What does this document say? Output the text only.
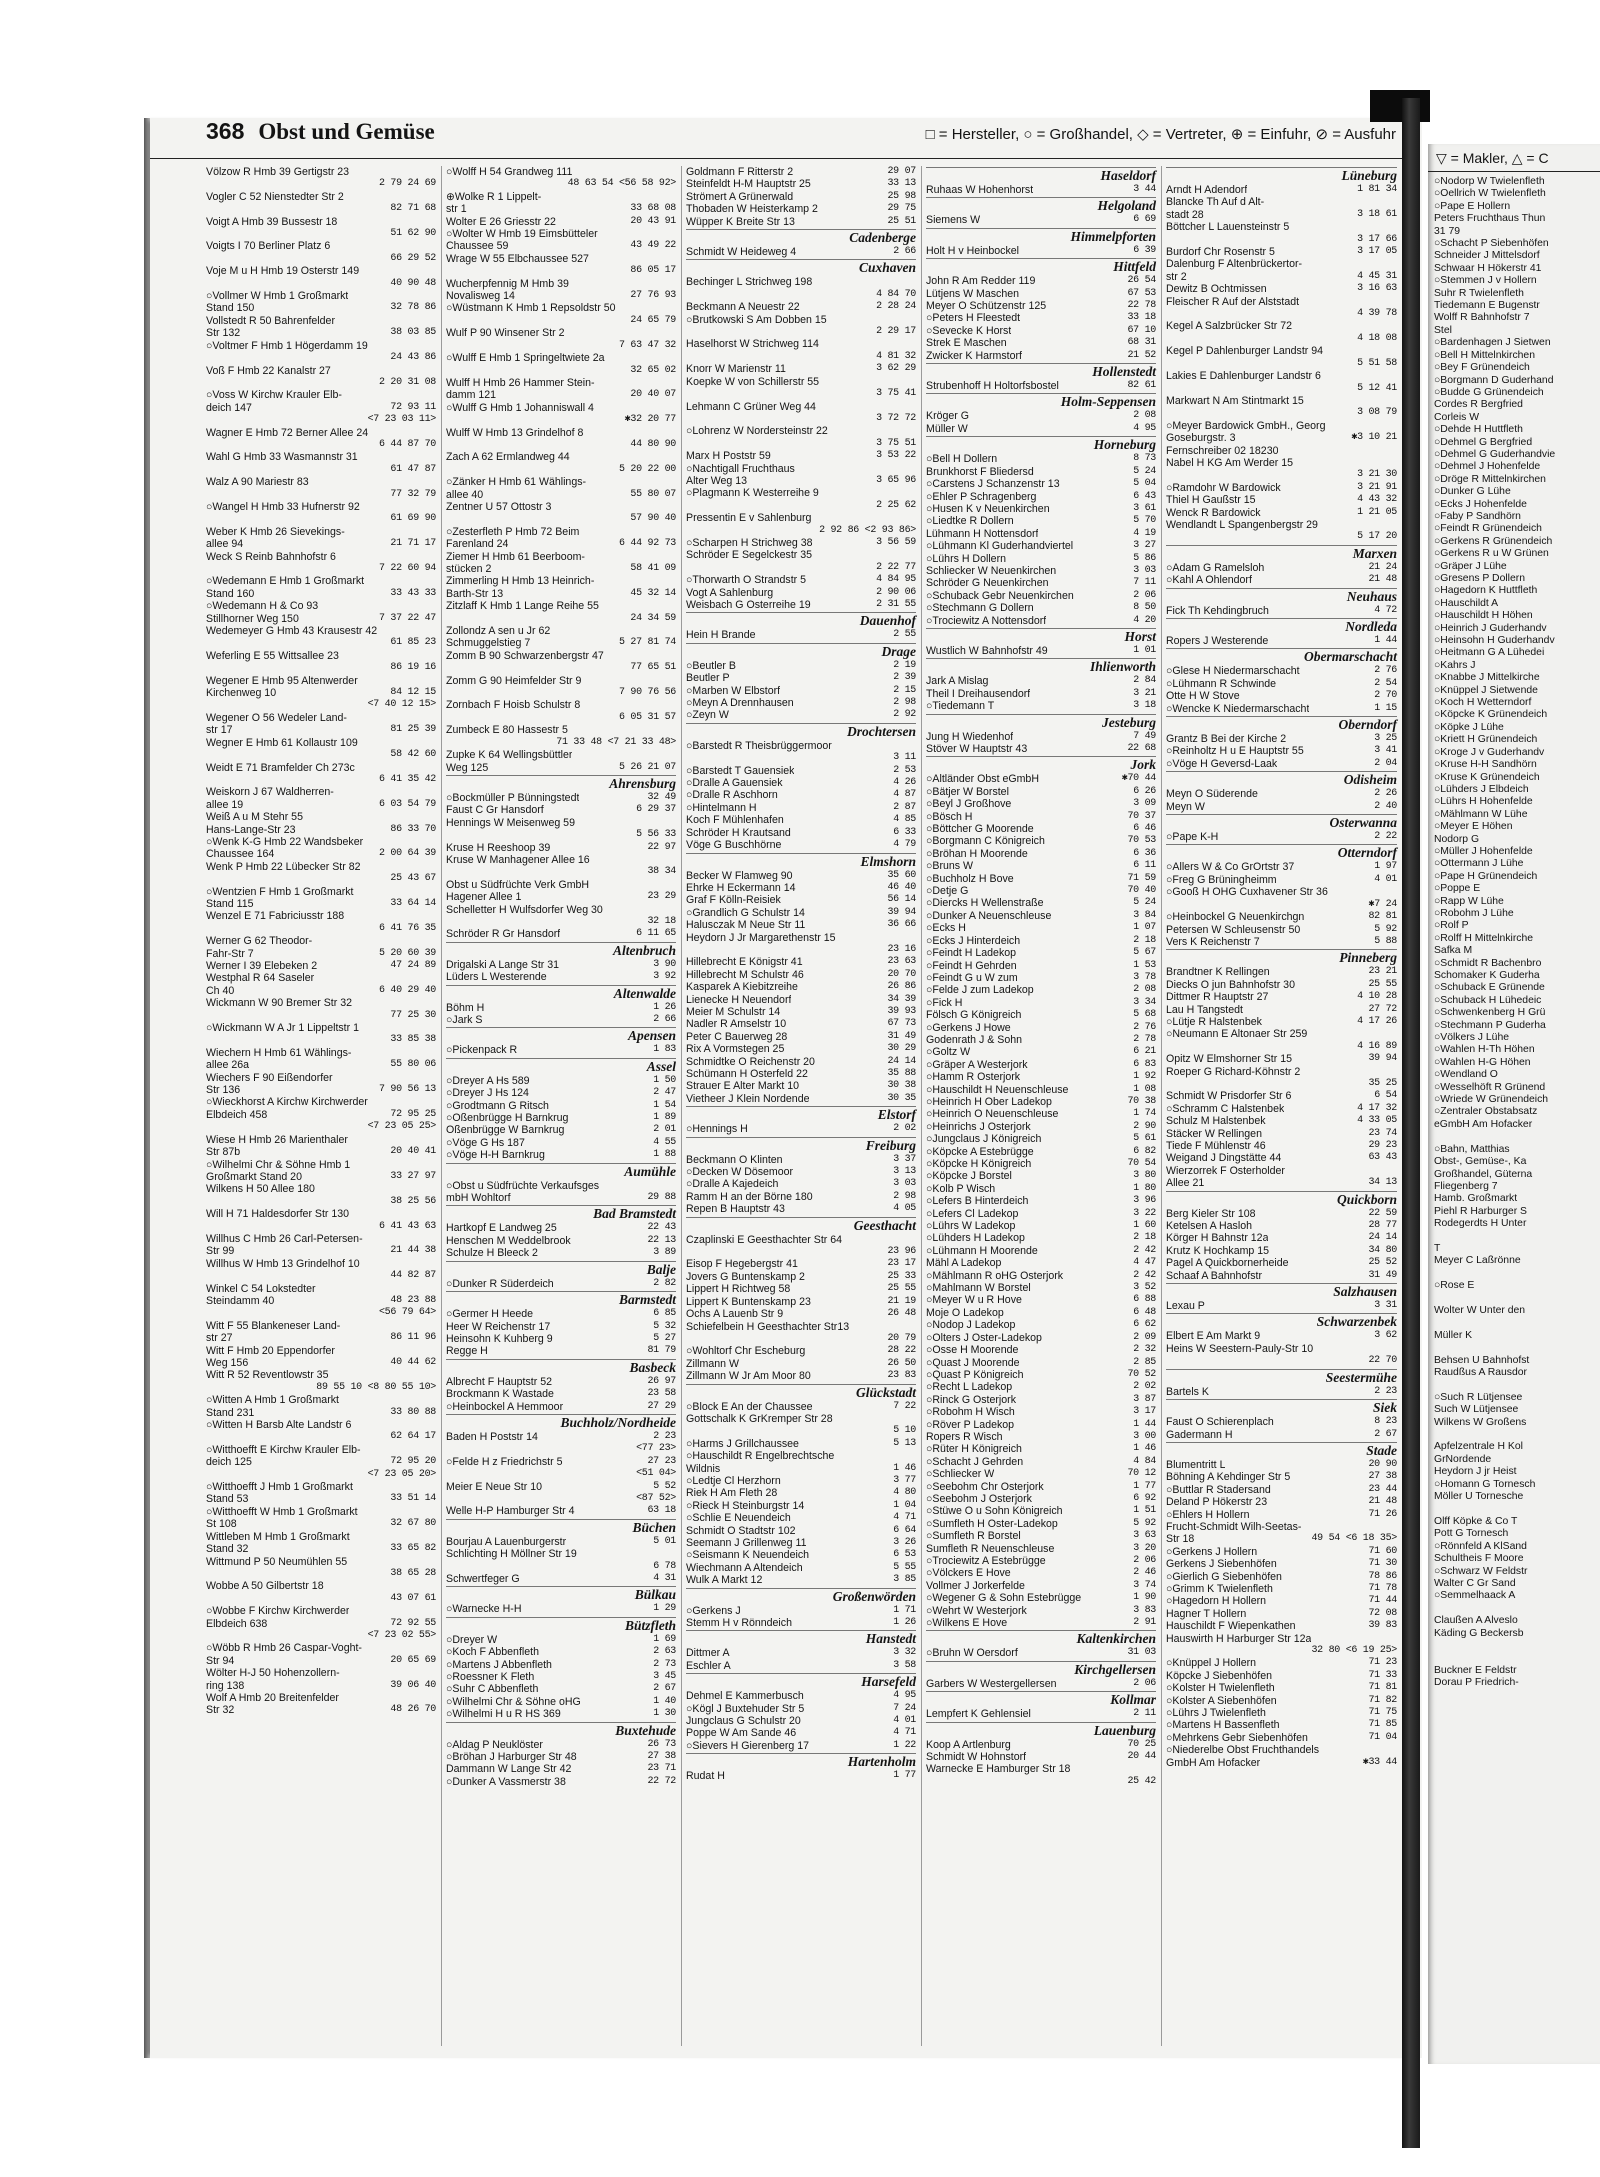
368 Obst und Gemüse	□ = Hersteller, ○ = Großhandel, ◇ = Vertreter, ⊕ = Einfuhr, ⊘ = Ausfuhr
Völzow R Hmb 39 Gertigstr 23
2 79 24 69
Vogler C 52 Nienstedter Str 2
82 71 68
Voigt A Hmb 39 Bussestr 18
51 62 90
Voigts I 70 Berliner Platz 6
66 29 52
Voje M u H Hmb 19 Osterstr 149
40 90 48
○Vollmer W Hmb 1 Großmarkt
Stand 150	32 78 86
Vollstedt R 50 Bahrenfelder
Str 132	38 03 85
○Voltmer F Hmb 1 Högerdamm 19
24 43 86
Voß F Hmb 22 Kanalstr 27
2 20 31 08
○Voss W Kirchw Krauler Elb-
deich 147	72 93 11
<7 23 03 11>
Wagner E Hmb 72 Berner Allee 24
6 44 87 70
Wahl G Hmb 33 Wasmannstr 31
61 47 87
Walz A 90 Mariestr 83
77 32 79
○Wangel H Hmb 33 Hufnerstr 92
61 69 90
Weber K Hmb 26 Sievekings-
allee 94	21 71 17
Weck S Reinb Bahnhofstr 6
7 22 60 94
○Wedemann E Hmb 1 Großmarkt
Stand 160	33 43 33
○Wedemann H & Co 93
Stillhorner Weg 150	7 37 22 47
Wedemeyer G Hmb 43 Krausestr 42
61 85 23
Weferling E 55 Wittsallee 23
86 19 16
Wegener E Hmb 95 Altenwerder
Kirchenweg 10	84 12 15
<7 40 12 15>
Wegener O 56 Wedeler Land-
str 17	81 25 39
Wegner E Hmb 61 Kollaustr 109
58 42 60
Weidt E 71 Bramfelder Ch 273c
6 41 35 42
Weiskorn J 67 Waldherren-
allee 19	6 03 54 79
Weiß A u M Stehr 55
Hans-Lange-Str 23	86 33 70
○Wenk K-G Hmb 22 Wandsbeker
Chaussee 164	2 00 64 39
Wenk P Hmb 22 Lübecker Str 82
25 43 67
○Wentzien F Hmb 1 Großmarkt
Stand 115	33 64 14
Wenzel E 71 Fabriciusstr 188
6 41 76 35
Werner G 62 Theodor-
Fahr-Str 7	5 20 60 39
Werner I 39 Elebeken 2	47 24 89
Westphal R 64 Saseler
Ch 40	6 40 29 40
Wickmann W 90 Bremer Str 32
77 25 30
○Wickmann W A Jr 1 Lippeltstr 1
33 85 38
Wiechern H Hmb 61 Wählings-
allee 26a	55 80 06
Wiechers F 90 Eißendorfer
Str 136	7 90 56 13
○Wieckhorst A Kirchw Kirchwerder
Elbdeich 458	72 95 25
<7 23 05 25>
Wiese H Hmb 26 Marienthaler
Str 87b	20 40 41
○Wilhelmi Chr & Söhne Hmb 1
Großmarkt Stand 20	33 27 97
Wilkens H 50 Allee 180
38 25 56
Will H 71 Haldesdorfer Str 130
6 41 43 63
Willhus C Hmb 26 Carl-Petersen-
Str 99	21 44 38
Willhus W Hmb 13 Grindelhof 10
44 82 87
Winkel C 54 Lokstedter
Steindamm 40	48 23 88
<56 79 64>
Witt F 55 Blankeneser Land-
str 27	86 11 96
Witt F Hmb 20 Eppendorfer
Weg 156	40 44 62
Witt R 52 Reventlowstr 35
89 55 10 <8 80 55 10>
○Witten A Hmb 1 Großmarkt
Stand 231	33 80 88
○Witten H Barsb Alte Landstr 6
62 64 17
○Witthoefft E Kirchw Krauler Elb-
deich 125	72 95 20
<7 23 05 20>
○Witthoefft J Hmb 1 Großmarkt
Stand 53	33 51 14
○Witthoefft W Hmb 1 Großmarkt
St 108	32 67 80
Wittleben M Hmb 1 Großmarkt
Stand 32	33 65 82
Wittmund P 50 Neumühlen 55
38 65 28
Wobbe A 50 Gilbertstr 18
43 07 61
○Wobbe F Kirchw Kirchwerder
Elbdeich 638	72 92 55
<7 23 02 55>
○Wöbb R Hmb 26 Caspar-Voght-
Str 94	20 65 69
Wölter H-J 50 Hohenzollern-
ring 138	39 06 40
Wolf A Hmb 20 Breitenfelder
Str 32	48 26 70
○Wolff H 54 Grandweg 111
48 63 54 <56 58 92>
⊕Wolke R 1 Lippelt-
str 1	33 68 08
Wolter E 26 Griesstr 22	20 43 91
○Wolter W Hmb 19 Eimsbütteler
Chaussee 59	43 49 22
Wrage W 55 Elbchaussee 527
86 05 17
Wucherpfennig M Hmb 39
Novalisweg 14	27 76 93
○Wüstmann K Hmb 1 Repsoldstr 50
24 65 79
Wulf P 90 Winsener Str 2
7 63 47 32
○Wulff E Hmb 1 Springeltwiete 2a
32 65 02
Wulff H Hmb 26 Hammer Stein-
damm 121	20 40 07
○Wulff G Hmb 1 Johanniswall 4
✱32 20 77
Wulff W Hmb 13 Grindelhof 8
44 80 90
Zach A 62 Ermlandweg 44
5 20 22 00
○Zänker H Hmb 61 Wählings-
allee 40	55 80 07
Zentner U 57 Ottostr 3
57 90 40
○Zesterfleth P Hmb 72 Beim
Farenland 24	6 44 92 73
Ziemer H Hmb 61 Beerboom-
stücken 2	58 41 09
Zimmerling H Hmb 13 Heinrich-
Barth-Str 13	45 32 14
Zitzlaff K Hmb 1 Lange Reihe 55
24 34 59
Zollondz A sen u Jr 62
Schmuggelstieg 7	5 27 81 74
Zomm B 90 Schwarzenbergstr 47
77 65 51
Zomm G 90 Heimfelder Str 9
7 90 76 56
Zornbach F Hoisb Schulstr 8
6 05 31 57
Zumbeck E 80 Hassestr 5
71 33 48 <7 21 33 48>
Zupke K 64 Wellingsbüttler
Weg 125	5 26 21 07
Ahrensburg
○Bockmüller P Bünningstedt	32 49
Faust C Gr Hansdorf	6 29 37
Hennings W Meisenweg 59
5 56 33
Kruse H Reeshoop 39	22 97
Kruse W Manhagener Allee 16
38 34
Obst u Südfrüchte Verk GmbH
Hagener Allee 1	23 29
Schelletter H Wulfsdorfer Weg 30
32 18
Schröder R Gr Hansdorf	6 11 65
Altenbruch
Drigalski A Lange Str 31	3 90
Lüders L Westerende	3 92
Altenwalde
Böhm H	1 26
○Jark S	2 66
Apensen
○Pickenpack R	1 83
Assel
○Dreyer A Hs 589	1 50
○Dreyer J Hs 124	2 47
○Grodtmann G Ritsch	1 54
○Oßenbrügge H Barnkrug	1 89
Oßenbrügge W Barnkrug	2 01
○Vöge G Hs 187	4 55
○Vöge H-H Barnkrug	1 88
Aumühle
○Obst u Südfrüchte Verkaufsges
mbH Wohltorf	29 88
Bad Bramstedt
Hartkopf E Landweg 25	22 43
Henschen M Weddelbrook	22 13
Schulze H Bleeck 2	3 89
Balje
○Dunker R Süderdeich	2 82
Barmstedt
○Germer H Heede	6 85
Heer W Reichenstr 17	5 32
Heinsohn K Kuhberg 9	5 27
Regge H	81 79
Basbeck
Albrecht F Hauptstr 52	26 97
Brockmann K Wastade	23 58
○Heinbockel A Hemmoor	27 29
Buchholz/Nordheide
Baden H Poststr 14	2 23
<77 23>
○Felde H z Friedrichstr 5	27 23
<51 04>
Meier E Neue Str 10	5 52
<87 52>
Welle H-P Hamburger Str 4	63 18
Büchen
Bourjau A Lauenburgerstr	5 01
Schlichting H Möllner Str 19
6 78
Schwertfeger G	4 31
Bülkau
○Warnecke H-H	1 29
Bützfleth
○Dreyer W	1 69
○Koch F Abbenfleth	2 63
○Martens J Abbenfleth	2 73
○Roessner K Fleth	3 45
○Suhr C Abbenfleth	2 67
○Wilhelmi Chr & Söhne oHG	1 40
○Wilhelmi H u R HS 369	1 30
Buxtehude
○Aldag P Neuklöster	26 73
○Bröhan J Harburger Str 48	27 38
Dammann W Lange Str 42	23 71
○Dunker A Vassmerstr 38	22 72
Goldmann F Ritterstr 2	29 07
Steinfeldt H-M Hauptstr 25	33 13
Strömert A Grünerwald	25 98
Thobaden W Heisterkamp 2	29 75
Wüpper K Breite Str 13	25 51
Cadenberge
Schmidt W Heideweg 4	2 66
Cuxhaven
Bechinger L Strichweg 198
4 84 70
Beckmann A Neuestr 22	2 28 24
○Brutkowski S Am Dobben 15
2 29 17
Haselhorst W Strichweg 114
4 81 32
Knorr W Marienstr 11	3 62 29
Koepke W von Schillerstr 55
3 75 41
Lehmann C Grüner Weg 44
3 72 72
○Lohrenz W Nordersteinstr 22
3 75 51
Marx H Poststr 59	3 53 22
○Nachtigall Fruchthaus
Alter Weg 13	3 65 96
○Plagmann K Westerreihe 9
2 25 62
Pressentin E v Sahlenburg
2 92 86 <2 93 86>
○Scharpen H Strichweg 38	3 56 59
Schröder E Segelckestr 35
2 22 77
○Thorwarth O Strandstr 5	4 84 95
Vogt A Sahlenburg	2 90 06
Weisbach G Osterreihe 19	2 31 55
Dauenhof
Hein H Brande	2 55
Drage
○Beutler B	2 19
Beutler P	2 39
○Marben W Elbstorf	2 15
○Meyn A Drennhausen	2 98
○Zeyn W	2 92
Drochtersen
○Barstedt R Theisbrüggermoor
3 11
○Barstedt T Gauensiek	2 53
○Dralle A Gauensiek	4 26
○Dralle R Aschhorn	4 87
○Hintelmann H	2 87
Koch F Mühlenhafen	4 85
Schröder H Krautsand	6 33
Vöge G Buschhörne	4 79
Elmshorn
Becker W Flamweg 90	35 60
Ehrke H Eckermann 14	46 40
Graf F Kölln-Reisiek	56 14
○Grandlich G Schulstr 14	39 94
Halusczak M Neue Str 11	36 66
Heydorn J Jr Margarethenstr 15
23 16
Hillebrecht E Königstr 41	23 63
Hillebrecht M Schulstr 46	20 70
Kasparek A Kiebitzreihe	26 86
Lienecke H Neuendorf	34 39
Meier M Schulstr 14	39 93
Nadler R Amselstr 10	67 73
Peter C Bauerweg 28	31 49
Rix A Vormstegen 25	30 29
Schmidtke O Reichenstr 20	24 14
Schümann H Osterfeld 22	35 88
Strauer E Alter Markt 10	30 38
Vietheer J Klein Nordende	30 35
Elstorf
○Hennings H	2 02
Freiburg
Beckmann O Klinten	3 37
○Decken W Dösemoor	3 13
○Dralle A Kajedeich	3 03
Ramm H an der Börne 180	2 98
Repen B Hauptstr 43	4 05
Geesthacht
Czaplinski E Geesthachter Str 64
23 96
Eisop F Hegebergstr 41	23 17
Jovers G Buntenskamp 2	25 33
Lippert H Richtweg 58	25 55
Lippert K Buntenskamp 23	21 19
Ochs A Lauenb Str 9	26 48
Schiefelbein H Geesthachter Str13
20 79
○Wohltorf Chr Escheburg	28 22
Zillmann W	26 50
Zillmann W Jr Am Moor 80	23 83
Glückstadt
○Block E An der Chaussee	7 22
Gottschalk K GrKremper Str 28
5 10
○Harms J Grillchaussee	5 13
○Hauschildt R Engelbrechtsche
Wildnis	1 46
○Ledtje Cl Herzhorn	3 77
Riek H Am Fleth 28	4 80
○Rieck H Steinburgstr 14	1 04
○Schlie E Neuendeich	4 71
Schmidt O Stadtstr 102	6 64
Seemann J Grillenweg 11	3 26
○Seismann K Neuendeich	6 53
Wiechmann A Altendeich	5 55
Wulk A Markt 12	3 85
Großenwörden
○Gerkens J	1 71
Stemm H v Rönndeich	1 26
Hanstedt
Dittmer A	3 32
Eschler A	3 58
Harsefeld
Dehmel E Kammerbusch	4 95
○Kögl J Buxtehuder Str 5	7 24
Jungclaus G Schulstr 20	4 01
Poppe W Am Sande 46	4 71
○Sievers H Gierenberg 17	1 22
Hartenholm
Rudat H	1 77
Haseldorf
Ruhaas W Hohenhorst	3 44
Helgoland
Siemens W	6 69
Himmelpforten
Holt H v Heinbockel	6 39
Hittfeld
John R Am Redder 119	26 54
Lütjens W Maschen	67 53
Meyer O Schützenstr 125	22 78
○Peters H Fleestedt	33 18
○Sevecke K Horst	67 10
Strek E Maschen	68 31
Zwicker K Harmstorf	21 52
Hollenstedt
Strubenhoff H Holtorfsbostel	82 61
Holm-Seppensen
Kröger G	2 08
Müller W	4 95
Horneburg
○Bell H Dollern	8 73
Brunkhorst F Bliedersd	5 24
○Carstens J Schanzenstr 13	5 04
○Ehler P Schragenberg	6 43
○Husen K v Neuenkirchen	3 61
○Liedtke R Dollern	5 70
Lühmann H Nottensdorf	4 19
○Lühmann Kl Guderhandviertel	3 27
○Lührs H Dollern	5 86
Schliecker W Neuenkirchen	3 03
Schröder G Neuenkirchen	7 11
○Schuback Gebr Neuenkirchen	2 06
○Stechmann G Dollern	8 50
○Trociewitz A Nottensdorf	4 20
Horst
Wustlich W Bahnhofstr 49	1 01
Ihlienworth
Jark A Mislag	2 84
Theil I Dreihausendorf	3 21
○Tiedemann T	3 18
Jesteburg
Jung H Wiedenhof	7 49
Stöver W Hauptstr 43	22 68
Jork
○Altländer Obst eGmbH	✱70 44
○Bätjer W Borstel	6 26
○Beyl J Großhove	3 09
○Bösch H	70 37
○Böttcher G Moorende	6 46
○Borgmann C Königreich	70 53
○Bröhan H Moorende	6 36
○Bruns W	6 11
○Buchholz H Bove	71 59
○Detje G	70 40
○Diercks H Wellenstraße	5 24
○Dunker A Neuenschleuse	3 84
○Ecks H	1 07
○Ecks J Hinterdeich	2 18
○Feindt H Ladekop	5 67
○Feindt H Gehrden	1 53
○Feindt G u W zum	3 78
○Felde J zum Ladekop	2 08
○Fick H	3 34
Fölsch G Königreich	5 68
○Gerkens J Howe	2 76
Godenrath J & Sohn	2 78
○Goltz W	6 21
○Gräper A Westerjork	6 83
○Hamm R Osterjork	1 92
○Hauschildt H Neuenschleuse	1 08
○Heinrich H Ober Ladekop	70 38
○Heinrich O Neuenschleuse	1 74
○Heinrichs J Osterjork	2 90
○Jungclaus J Königreich	5 61
○Köpcke A Estebrügge	6 82
○Köpcke H Königreich	70 54
○Köpcke J Borstel	3 80
○Kolb P Wisch	1 80
○Lefers B Hinterdeich	3 96
○Lefers Cl Ladekop	3 22
○Lührs W Ladekop	1 60
○Lühders H Ladekop	2 18
○Lühmann H Moorende	2 42
Mähl A Ladekop	4 47
○Mählmann R oHG Osterjork	2 42
○Mahlmann W Borstel	3 52
○Meyer W u R Hove	6 88
Moje O Ladekop	6 48
○Nodop J Ladekop	6 62
○Olters J Oster-Ladekop	2 09
○Osse H Moorende	2 32
○Quast J Moorende	2 85
○Quast P Königreich	70 52
○Recht L Ladekop	2 02
○Rinck G Osterjork	3 87
○Robohm H Wisch	3 17
○Röver P Ladekop	1 44
Ropers R Wisch	3 00
○Rüter H Königreich	1 46
○Schacht J Gehrden	4 84
○Schliecker W	70 12
○Seebohm Chr Osterjork	1 77
○Seebohm J Osterjork	6 92
○Stüwe O u Sohn Königreich	1 51
○Sumfleth H Oster-Ladekop	5 92
○Sumfleth R Borstel	3 63
Sumfleth R Neuenschleuse	3 20
○Trociewitz A Estebrügge	2 06
○Völckers E Hove	2 46
Vollmer J Jorkerfelde	3 74
○Wegener G & Sohn Estebrügge	1 90
○Wehrt W Westerjork	3 83
○Wilkens E Hove	2 91
Kaltenkirchen
○Bruhn W Oersdorf	31 03
Kirchgellersen
Garbers W Westergellersen	2 06
Kollmar
Lempfert K Gehlensiel	2 11
Lauenburg
Koop A Artlenburg	70 25
Schmidt W Hohnstorf	20 44
Warnecke E Hamburger Str 18
25 42
Lüneburg
Arndt H Adendorf	1 81 34
Blancke Th Auf d Alt-
stadt 28	3 18 61
Böttcher L Lauensteinstr 5
3 17 66
Burdorf Chr Rosenstr 5	3 17 05
Dalenburg F Altenbrückertor-
str 2	4 45 31
Dewitz B Ochtmissen	3 16 63
Fleischer R Auf der Alststadt
4 39 78
Kegel A Salzbrücker Str 72
4 18 08
Kegel P Dahlenburger Landstr 94
5 51 58
Lakies E Dahlenburger Landstr 6
5 12 41
Markwart N Am Stintmarkt 15
3 08 79
○Meyer Bardowick GmbH., Georg
Goseburgstr. 3	✱3 10 21
Fernschreiber 02 18230
Nabel H KG Am Werder 15
3 21 30
○Ramdohr W Bardowick	3 21 91
Thiel H Gaußstr 15	4 43 32
Wenck R Bardowick	1 21 05
Wendlandt L Spangenbergstr 29
5 17 20
Marxen
○Adam G Ramelsloh	21 24
○Kahl A Ohlendorf	21 48
Neuhaus
Fick Th Kehdingbruch	4 72
Nordleda
Ropers J Westerende	1 44
Obermarschacht
○Glese H Niedermarschacht	2 76
○Lühmann R Schwinde	2 54
Otte H W Stove	2 70
○Wencke K Niedermarschacht	1 15
Oberndorf
Grantz B Bei der Kirche 2	3 25
○Reinholtz H u E Hauptstr 55	3 41
○Vöge H Geversd-Laak	2 04
Odisheim
Meyn O Süderende	2 26
Meyn W	2 40
Osterwanna
○Pape K-H	2 22
Otterndorf
○Allers W & Co GrOrtstr 37	1 97
○Freg G Brüningheimm	4 01
○Gooß H OHG Cuxhavener Str 36
✱7 24
○Heinbockel G Neuenkirchgn	82 81
Petersen W Schleusenstr 50	5 92
Vers K Reichenstr 7	5 88
Pinneberg
Brandtner K Rellingen	23 21
Diecks O jun Bahnhofstr 30	25 55
Dittmer R Hauptstr 27	4 10 28
Lau H Tangstedt	27 72
○Lütje R Halstenbek	4 17 26
○Neumann E Altonaer Str 259
4 16 89
Opitz W Elmshorner Str 15	39 94
Roeper G Richard-Köhnstr 2
35 25
Schmidt W Prisdorfer Str 6	6 54
○Schramm C Halstenbek	4 17 32
Schulz M Halstenbek	4 33 05
Stäcker W Rellingen	23 74
Tiede F Mühlenstr 46	29 23
Weigand J Dingstätte 44	63 43
Wierzorrek F Osterholder
Allee 21	34 13
Quickborn
Berg Kieler Str 108	22 59
Ketelsen A Hasloh	28 77
Körger H Bahnstr 12a	24 14
Krutz K Hochkamp 15	34 80
Pagel A Quickbornerheide	25 52
Schaaf A Bahnhofstr	31 49
Salzhausen
Lexau P	3 31
Schwarzenbek
Elbert E Am Markt 9	3 62
Heins W Seestern-Pauly-Str 10
22 70
Seestermühe
Bartels K	2 23
Siek
Faust O Schierenplach	8 23
Gadermann H	2 67
Stade
Blumentritt L	20 90
Böhning A Kehdinger Str 5	27 38
○Buttlar R Stadersand	23 44
Deland P Hökerstr 23	21 48
○Ehlers H Hollern	71 26
Frucht-Schmidt Wilh-Seetas-
Str 18	49 54 <6 18 35>
○Gerkens J Hollern	71 60
Gerkens J Siebenhöfen	71 30
○Gierlich G Siebenhöfen	78 86
○Grimm K Twielenfleth	71 78
○Hagedorn H Hollern	71 44
Hagner T Hollern	72 08
Hauschildt F Wiepenkathen	39 83
Hauswirth H Harburger Str 12a
32 80 <6 19 25>
○Knüppel J Hollern	71 23
Köpcke J Siebenhöfen	71 33
○Kolster H Twielenfleth	71 81
○Kolster A Siebenhöfen	71 82
○Lührs J Twielenfleth	71 75
○Martens H Bassenfleth	71 85
○Mehrkens Gebr Siebenhöfen	71 04
○Niederelbe Obst Fruchthandels
GmbH Am Hofacker	✱33 44
▽ = Makler, △ = C
○Nodorp W Twielenfleth
○Oellrich W Twielenfleth
○Pape E Hollern
Peters Fruchthaus Thun
31 79
○Schacht P Siebenhöfen
Schneider J Mittelsdorf
Schwaar H Hökerstr 41
○Stemmen J v Hollern
Suhr R Twielenfleth
Tiedemann E Bugenstr
Wolff R Bahnhofstr 7
Stel
○Bardenhagen J Sietwen
○Bell H Mittelnkirchen
○Bey F Grünendeich
○Borgmann D Guderhand
○Budde G Grünendeich
Cordes R Bergfried
Corleis W
○Dehde H Huttfleth
○Dehmel G Bergfried
○Dehmel G Guderhandvie
○Dehmel J Hohenfelde
○Dröge R Mittelnkirchen
○Dunker G Lühe
○Ecks J Hohenfelde
○Faby P Sandhörn
○Feindt R Grünendeich
○Gerkens R Grünendeich
○Gerkens R u W Grünen
○Gräper J Lühe
○Gresens P Dollern
○Hagedorn K Huttfleth
○Hauschildt A
○Hauschildt H Höhen
○Heinrich J Guderhandv
○Heinsohn H Guderhandv
○Heitmann G A Lühedei
○Kahrs J
○Knabbe J Mittelkirche
○Knüppel J Sietwende
○Koch H Wetterndorf
○Köpcke K Grünendeich
○Köpke J Lühe
○Kriett H Grünendeich
○Kroge J v Guderhandv
○Kruse H-H Sandhörn
○Kruse K Grünendeich
○Lühders J Elbdeich
○Lührs H Hohenfelde
○Mählmann W Lühe
○Meyer E Höhen
Nodorp G
○Müller J Hohenfelde
○Ottermann J Lühe
○Pape H Grünendeich
○Poppe E
○Rapp W Lühe
○Robohm J Lühe
○Rolf P
○Rolff H Mittelnkirche
Safka M
○Schmidt R Bachenbro
Schomaker K Guderha
○Schuback E Grünende
○Schuback H Lühedeic
○Schwenkenberg H Grü
○Stechmann P Guderha
○Völkers J Lühe
○Wahlen H-Th Höhen
○Wahlen H-G Höhen
○Wendland O
○Wesselhöft R Grünend
○Wriede W Grünendeich
○Zentraler Obstabsatz
eGmbH Am Hofacker

○Bahn, Matthias
Obst-, Gemüse-, Ka
Großhandel, Güterna
Fliegenberg 7
Hamb. Großmarkt
Piehl R Harburger S
Rodegerdts H Unter

T
Meyer C Laßrönne

○Rose E

Wolter W Unter den

Müller K

Behsen U Bahnhofst
Raudßus A Rausdor

○Such R Lütjensee
Such W Lütjensee
Wilkens W Großens

Apfelzentrale H Kol
GrNordende
Heydorn J jr Heist
○Homann G Tornesch
Möller U Tornesche

Olff Köpke & Co T
Pott G Tornesch
○Rönnfeld A KlSand
Schultheis F Moore
○Schwarz W Feldstr
Walter C Gr Sand
○Semmelhaack A

Claußen A Alveslo
Käding G Beckersb

Buckner E Feldstr
Dorau P Friedrich-
